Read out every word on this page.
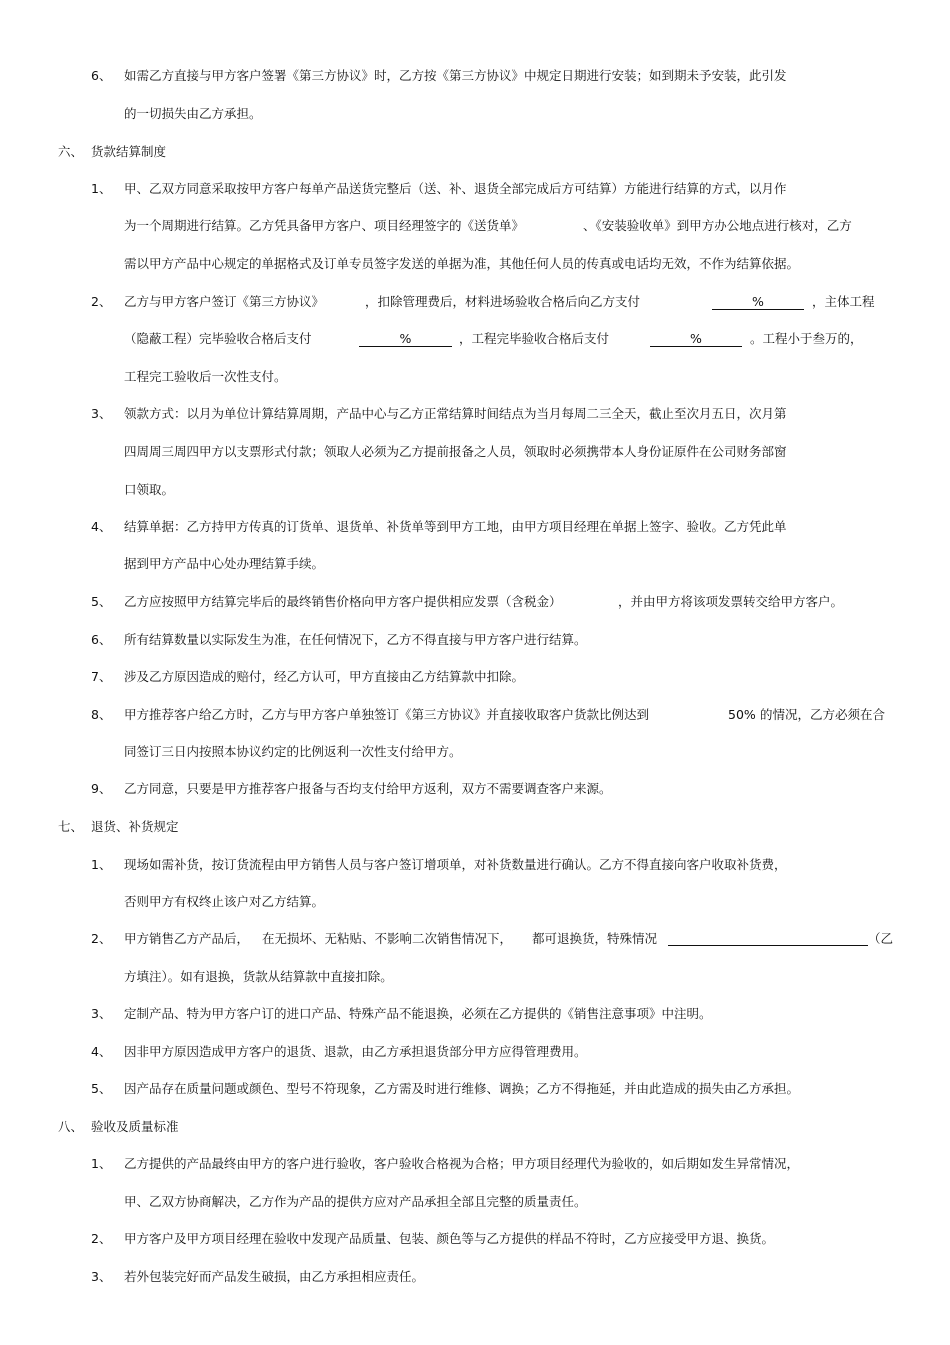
6、 如需乙方直接与甲方客户签署《第三方协议》时，乙方按《第三方协议》中规定日期进行安装；如到期未予安装，此引发
的一切损失由乙方承担。
六、 货款结算制度
1、 甲、乙双方同意采取按甲方客户每单产品送货完整后（送、补、退货全部完成后方可结算）方能进行结算的方式，以月作
为一个周期进行结算。乙方凭具备甲方客户、项目经理签字的《送货单》	、《安装验收单》到甲方办公地点进行核对，乙方
需以甲方产品中心规定的单据格式及订单专员签字发送的单据为准，其他任何人员的传真或电话均无效，不作为结算依据。
2、 乙方与甲方客户签订《第三方协议》	，扣除管理费后，材料进场验收合格后向乙方支付	%	，主体工程
（隐蔽工程）完毕验收合格后支付	%	，工程完毕验收合格后支付	%	。工程小于叁万的，
工程完工验收后一次性支付。
3、 领款方式：以月为单位计算结算周期，产品中心与乙方正常结算时间结点为当月每周二三全天，截止至次月五日，次月第
四周周三周四甲方以支票形式付款；领取人必须为乙方提前报备之人员，领取时必须携带本人身份证原件在公司财务部窗
口领取。
4、 结算单据：乙方持甲方传真的订货单、退货单、补货单等到甲方工地，由甲方项目经理在单据上签字、验收。乙方凭此单
据到甲方产品中心处办理结算手续。
5、 乙方应按照甲方结算完毕后的最终销售价格向甲方客户提供相应发票（含税金）	，并由甲方将该项发票转交给甲方客户。
6、 所有结算数量以实际发生为准，在任何情况下，乙方不得直接与甲方客户进行结算。
7、 涉及乙方原因造成的赔付，经乙方认可，甲方直接由乙方结算款中扣除。
8、 甲方推荐客户给乙方时，乙方与甲方客户单独签订《第三方协议》并直接收取客户货款比例达到	50% 的情况，乙方必须在合
同签订三日内按照本协议约定的比例返利一次性支付给甲方。
9、 乙方同意，只要是甲方推荐客户报备与否均支付给甲方返利，双方不需要调查客户来源。
七、 退货、补货规定
1、 现场如需补货，按订货流程由甲方销售人员与客户签订增项单，对补货数量进行确认。乙方不得直接向客户收取补货费，
否则甲方有权终止该户对乙方结算。
2、 甲方销售乙方产品后， 在无损坏、无粘贴、不影响二次销售情况下， 都可退换货，特殊情况	（乙
方填注）。如有退换，货款从结算款中直接扣除。
3、 定制产品、特为甲方客户订的进口产品、特殊产品不能退换，必须在乙方提供的《销售注意事项》中注明。
4、 因非甲方原因造成甲方客户的退货、退款，由乙方承担退货部分甲方应得管理费用。
5、 因产品存在质量问题或颜色、型号不符现象，乙方需及时进行维修、调换；乙方不得拖延，并由此造成的损失由乙方承担。
八、 验收及质量标准
1、 乙方提供的产品最终由甲方的客户进行验收，客户验收合格视为合格；甲方项目经理代为验收的，如后期如发生异常情况，
甲、乙双方协商解决，乙方作为产品的提供方应对产品承担全部且完整的质量责任。
2、 甲方客户及甲方项目经理在验收中发现产品质量、包装、颜色等与乙方提供的样品不符时，乙方应接受甲方退、换货。
3、 若外包装完好而产品发生破损，由乙方承担相应责任。
